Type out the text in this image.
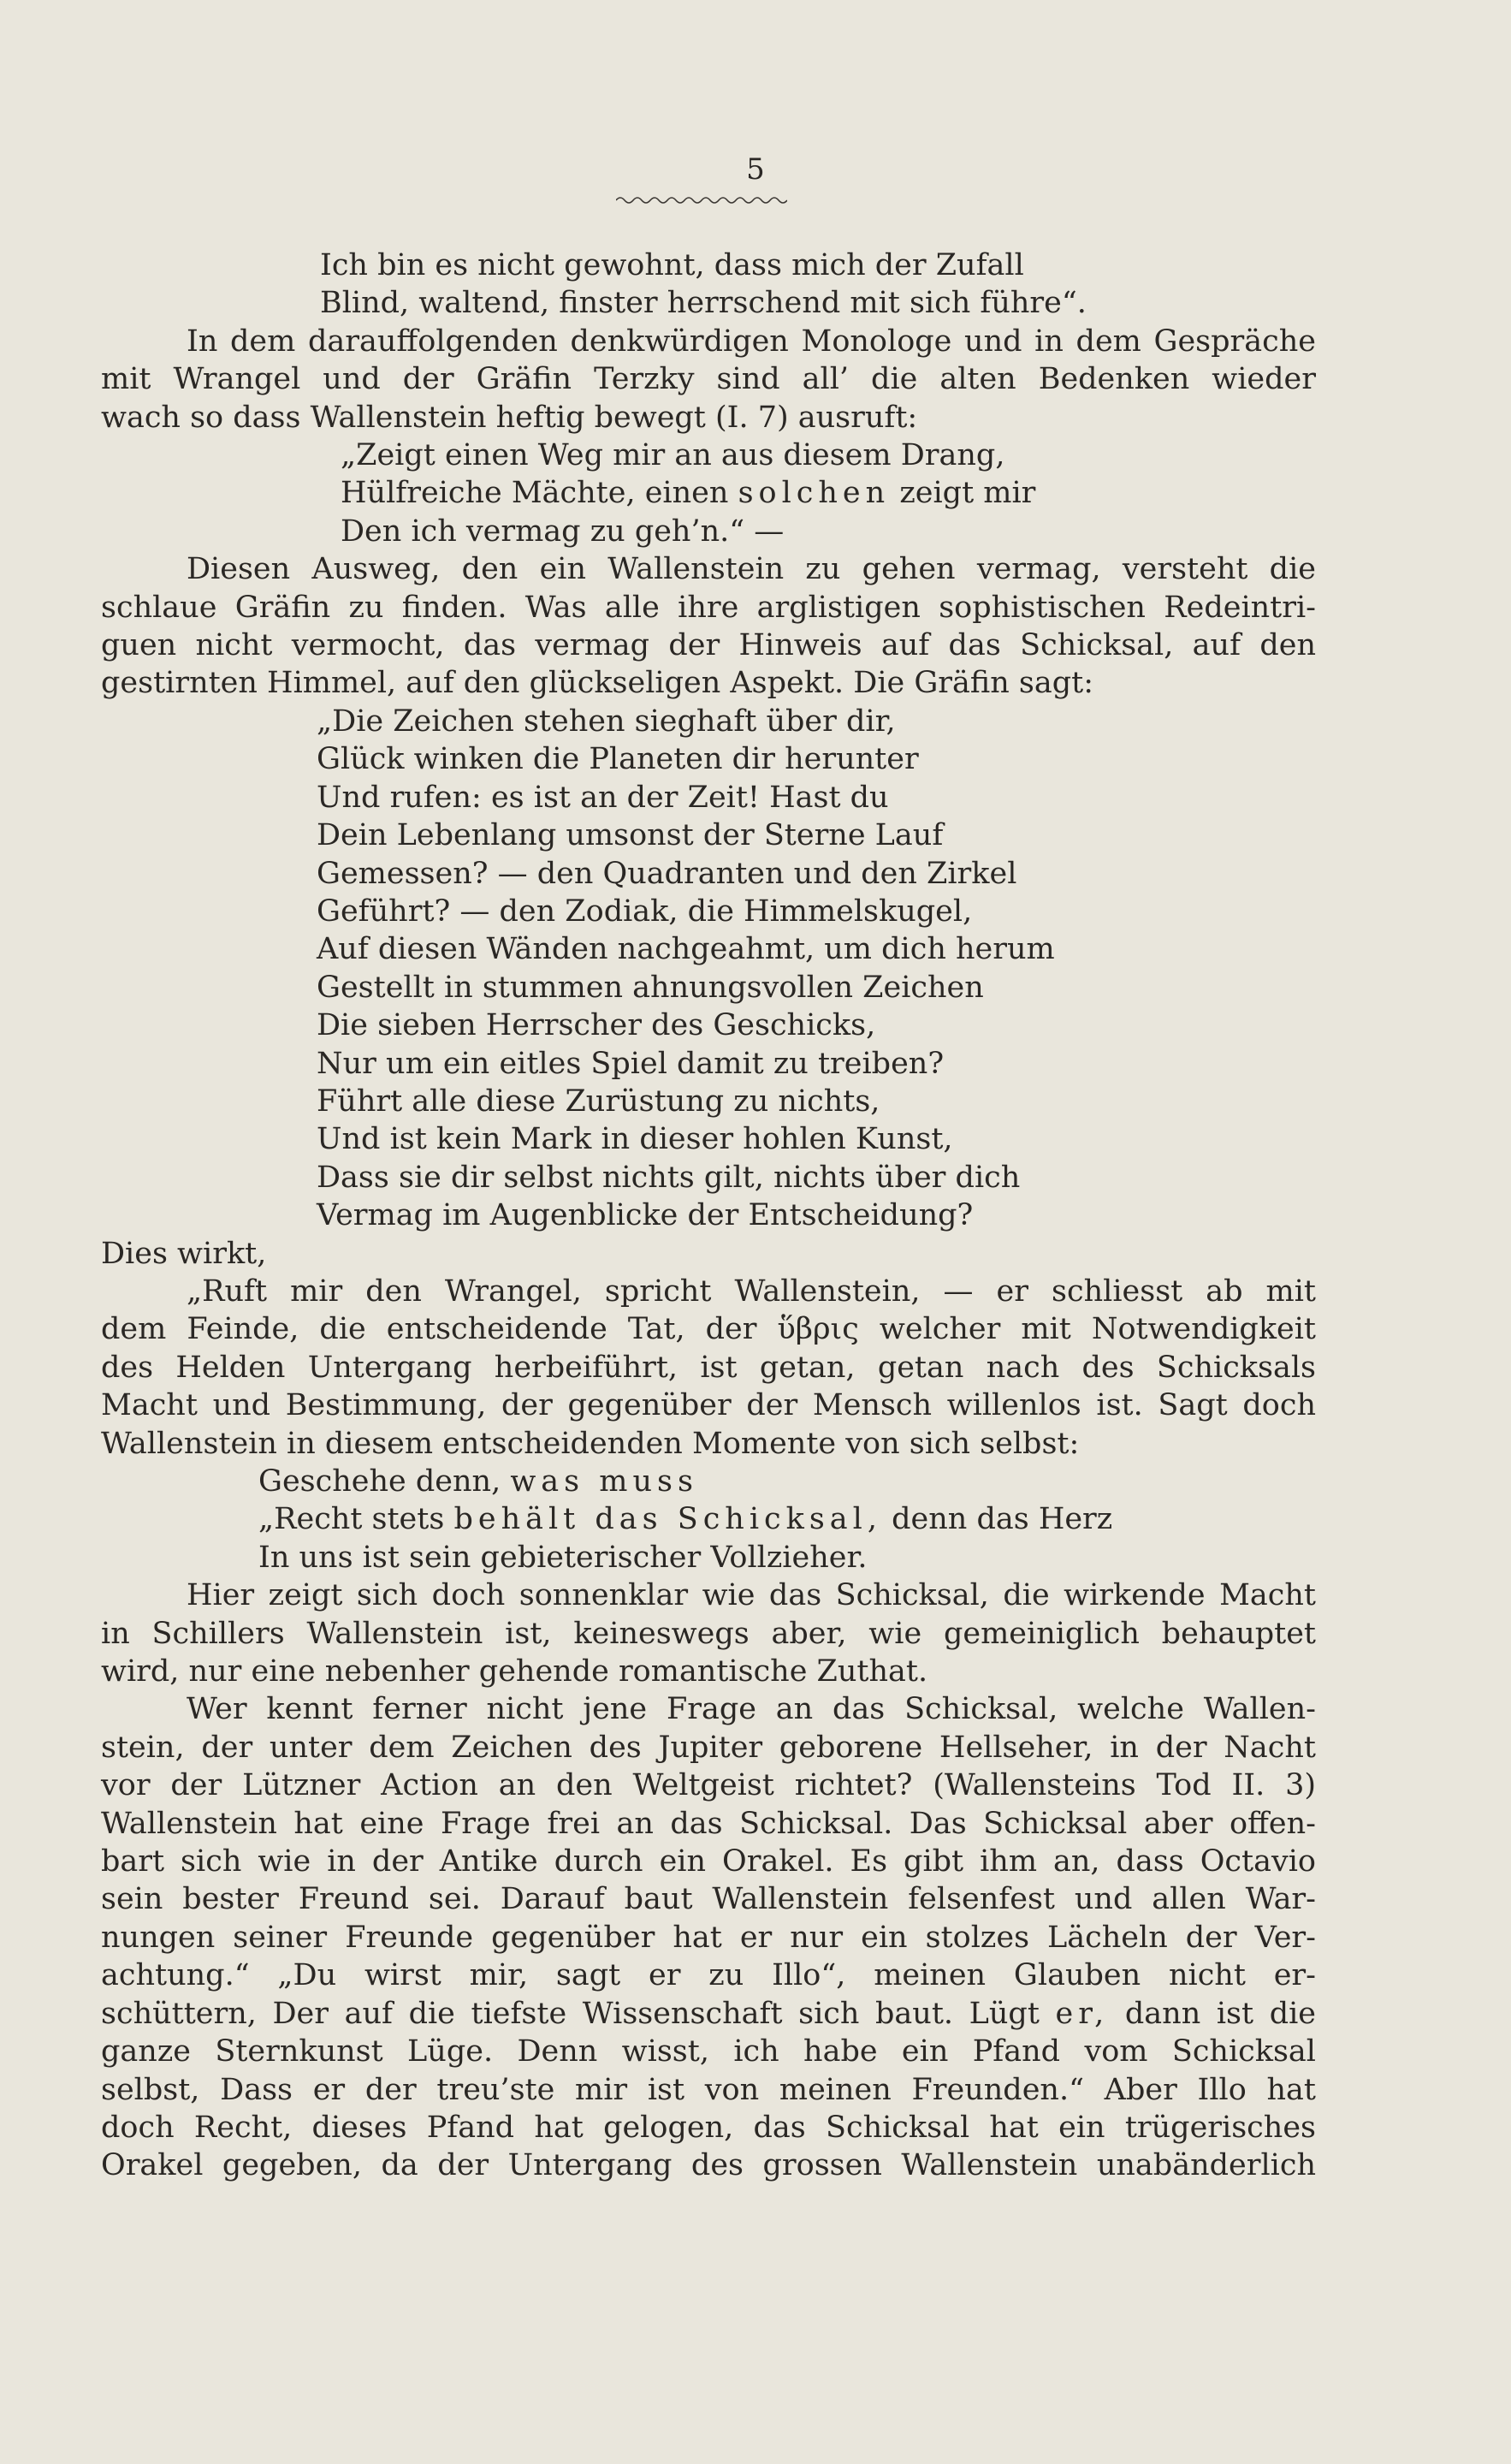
5
Ich bin es nicht gewohnt, dass mich der Zufall
Blind, waltend, finster herrschend mit sich führe“.
In dem darauffolgenden denkwürdigen Monologe und in dem Gespräche
mit Wrangel und der Gräfin Terzky sind all’ die alten Bedenken wieder
wach so dass Wallenstein heftig bewegt (I. 7) ausruft:
„Zeigt einen Weg mir an aus diesem Drang,
Hülfreiche Mächte, einen solchen zeigt mir
Den ich vermag zu geh’n.“ —
Diesen Ausweg, den ein Wallenstein zu gehen vermag, versteht die
schlaue Gräfin zu finden. Was alle ihre arglistigen sophistischen Redeintri-
guen nicht vermocht, das vermag der Hinweis auf das Schicksal, auf den
gestirnten Himmel, auf den glückseligen Aspekt. Die Gräfin sagt:
„Die Zeichen stehen sieghaft über dir,
Glück winken die Planeten dir herunter
Und rufen: es ist an der Zeit! Hast du
Dein Lebenlang umsonst der Sterne Lauf
Gemessen? — den Quadranten und den Zirkel
Geführt? — den Zodiak, die Himmelskugel,
Auf diesen Wänden nachgeahmt, um dich herum
Gestellt in stummen ahnungsvollen Zeichen
Die sieben Herrscher des Geschicks,
Nur um ein eitles Spiel damit zu treiben?
Führt alle diese Zurüstung zu nichts,
Und ist kein Mark in dieser hohlen Kunst,
Dass sie dir selbst nichts gilt, nichts über dich
Vermag im Augenblicke der Entscheidung?
Dies wirkt,
„Ruft mir den Wrangel, spricht Wallenstein, — er schliesst ab mit
dem Feinde, die entscheidende Tat, der ὕβρις welcher mit Notwendigkeit
des Helden Untergang herbeiführt, ist getan, getan nach des Schicksals
Macht und Bestimmung, der gegenüber der Mensch willenlos ist. Sagt doch
Wallenstein in diesem entscheidenden Momente von sich selbst:
Geschehe denn, was muss
„Recht stets behält das Schicksal, denn das Herz
In uns ist sein gebieterischer Vollzieher.
Hier zeigt sich doch sonnenklar wie das Schicksal, die wirkende Macht
in Schillers Wallenstein ist, keineswegs aber, wie gemeiniglich behauptet
wird, nur eine nebenher gehende romantische Zuthat.
Wer kennt ferner nicht jene Frage an das Schicksal, welche Wallen-
stein, der unter dem Zeichen des Jupiter geborene Hellseher, in der Nacht
vor der Lützner Action an den Weltgeist richtet? (Wallensteins Tod II. 3)
Wallenstein hat eine Frage frei an das Schicksal. Das Schicksal aber offen-
bart sich wie in der Antike durch ein Orakel. Es gibt ihm an, dass Octavio
sein bester Freund sei. Darauf baut Wallenstein felsenfest und allen War-
nungen seiner Freunde gegenüber hat er nur ein stolzes Lächeln der Ver-
achtung.“ „Du wirst mir, sagt er zu Illo“, meinen Glauben nicht er-
schüttern, Der auf die tiefste Wissenschaft sich baut. Lügt er, dann ist die
ganze Sternkunst Lüge. Denn wisst, ich habe ein Pfand vom Schicksal
selbst, Dass er der treu’ste mir ist von meinen Freunden.“ Aber Illo hat
doch Recht, dieses Pfand hat gelogen, das Schicksal hat ein trügerisches
Orakel gegeben, da der Untergang des grossen Wallenstein unabänderlich
